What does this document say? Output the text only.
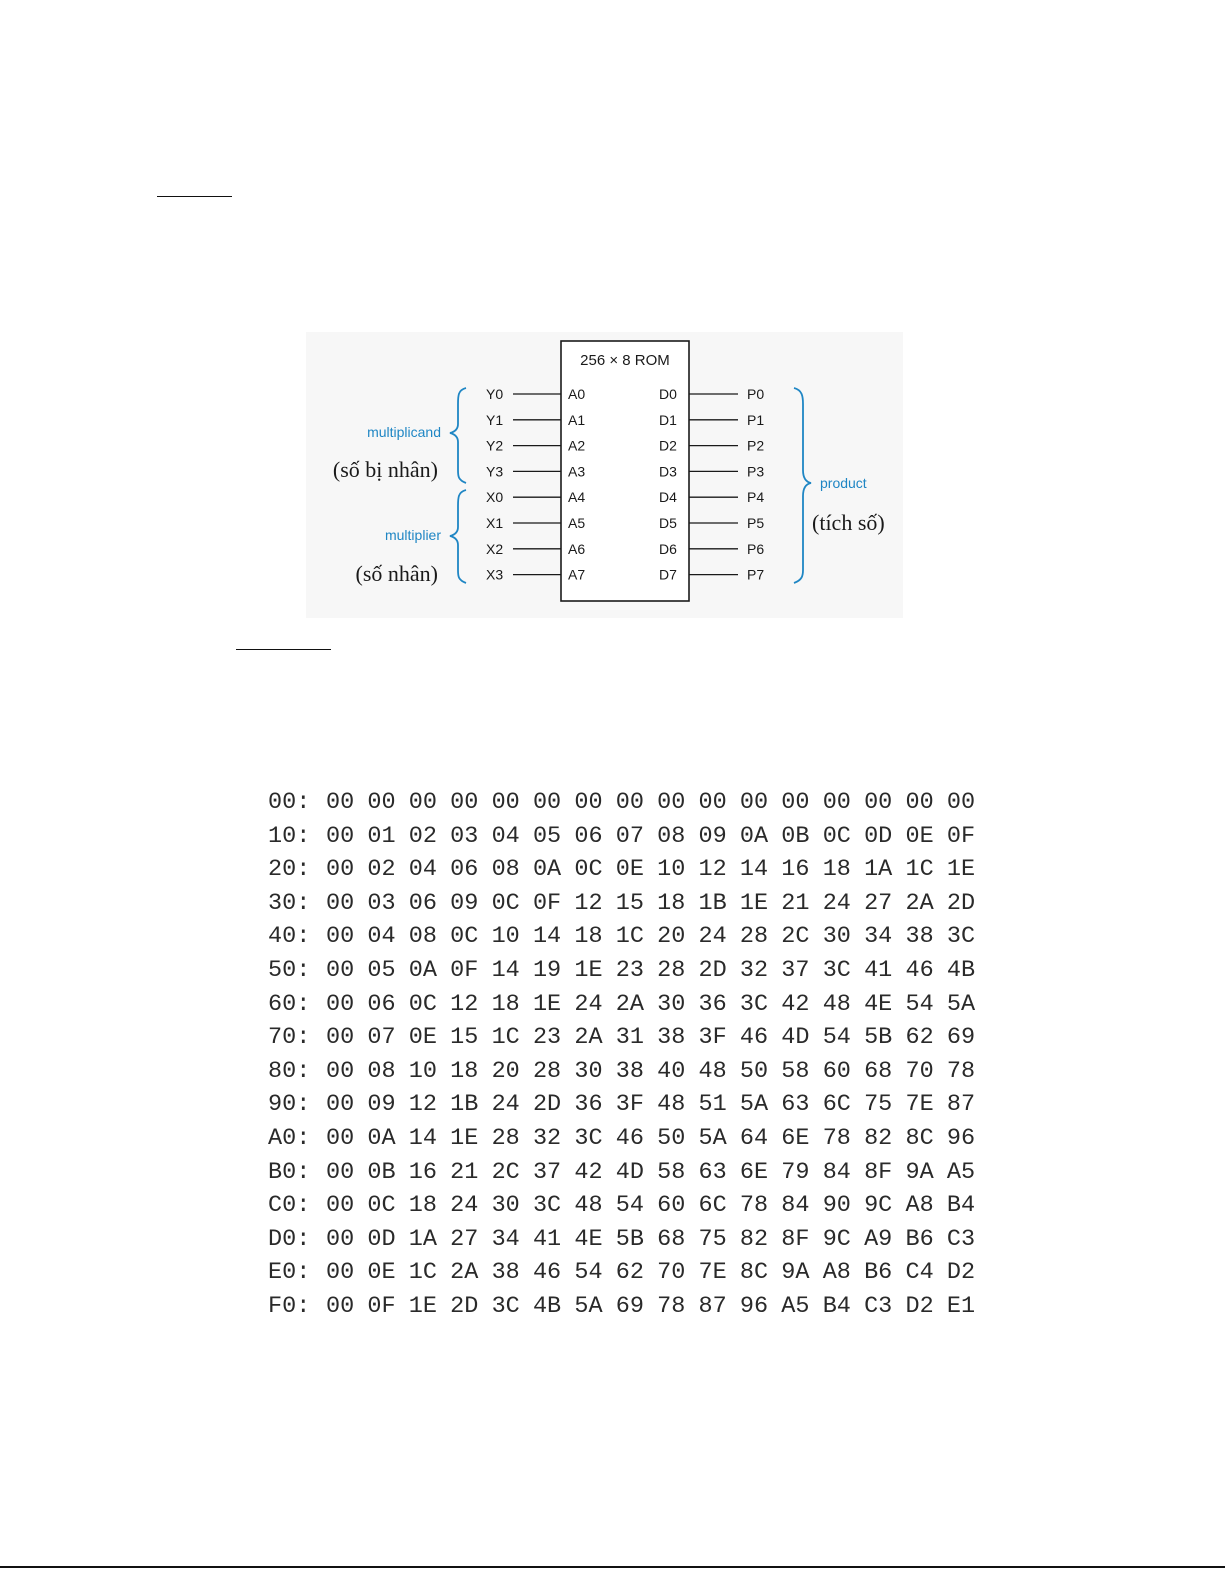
256 × 8 ROM
Y0	A0	D0	P0
Y1	A1	D1	P1
Y2	A2	D2	P2
Y3	A3	D3	P3
X0	A4	D4	P4
X1	A5	D5	P5
X2	A6	D6	P6
X3	A7	D7	P7
multiplicand
(số bị nhân)
multiplier
(số nhân)
product
(tích số)
00: 00 00 00 00 00 00 00 00 00 00 00 00 00 00 00 00
10: 00 01 02 03 04 05 06 07 08 09 0A 0B 0C 0D 0E 0F
20: 00 02 04 06 08 0A 0C 0E 10 12 14 16 18 1A 1C 1E
30: 00 03 06 09 0C 0F 12 15 18 1B 1E 21 24 27 2A 2D
40: 00 04 08 0C 10 14 18 1C 20 24 28 2C 30 34 38 3C
50: 00 05 0A 0F 14 19 1E 23 28 2D 32 37 3C 41 46 4B
60: 00 06 0C 12 18 1E 24 2A 30 36 3C 42 48 4E 54 5A
70: 00 07 0E 15 1C 23 2A 31 38 3F 46 4D 54 5B 62 69
80: 00 08 10 18 20 28 30 38 40 48 50 58 60 68 70 78
90: 00 09 12 1B 24 2D 36 3F 48 51 5A 63 6C 75 7E 87
A0: 00 0A 14 1E 28 32 3C 46 50 5A 64 6E 78 82 8C 96
B0: 00 0B 16 21 2C 37 42 4D 58 63 6E 79 84 8F 9A A5
C0: 00 0C 18 24 30 3C 48 54 60 6C 78 84 90 9C A8 B4
D0: 00 0D 1A 27 34 41 4E 5B 68 75 82 8F 9C A9 B6 C3
E0: 00 0E 1C 2A 38 46 54 62 70 7E 8C 9A A8 B6 C4 D2
F0: 00 0F 1E 2D 3C 4B 5A 69 78 87 96 A5 B4 C3 D2 E1
